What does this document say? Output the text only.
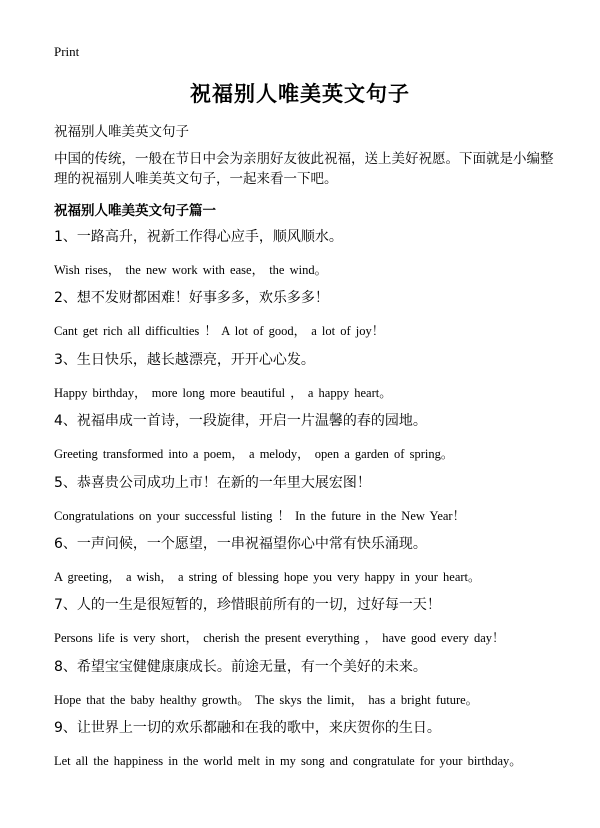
Print
祝福别人唯美英文句子
祝福别人唯美英文句子
中国的传统，一般在节日中会为亲朋好友彼此祝福，送上美好祝愿。下面就是小编整理的祝福别人唯美英文句子，一起来看一下吧。
祝福别人唯美英文句子篇一
1、一路高升，祝新工作得心应手，顺风顺水。
Wish rises， the new work with ease， the wind。
2、想不发财都困难！好事多多，欢乐多多！
Cant get rich all difficulties ！ A lot of good， a lot of joy！
3、生日快乐，越长越漂亮，开开心心发。
Happy birthday， more long more beautiful ， a happy heart。
4、祝福串成一首诗，一段旋律，开启一片温馨的春的园地。
Greeting transformed into a poem， a melody， open a garden of spring。
5、恭喜贵公司成功上市！在新的一年里大展宏图！
Congratulations on your successful listing ！ In the future in the New Year！
6、一声问候，一个愿望，一串祝福望你心中常有快乐涌现。
A greeting， a wish， a string of blessing hope you very happy in your heart。
7、人的一生是很短暂的，珍惜眼前所有的一切，过好每一天！
Persons life is very short， cherish the present everything ， have good every day！
8、希望宝宝健健康康成长。前途无量，有一个美好的未来。
Hope that the baby healthy growth。 The skys the limit， has a bright future。
9、让世界上一切的欢乐都融和在我的歌中，来庆贺你的生日。
Let all the happiness in the world melt in my song and congratulate for your birthday。
